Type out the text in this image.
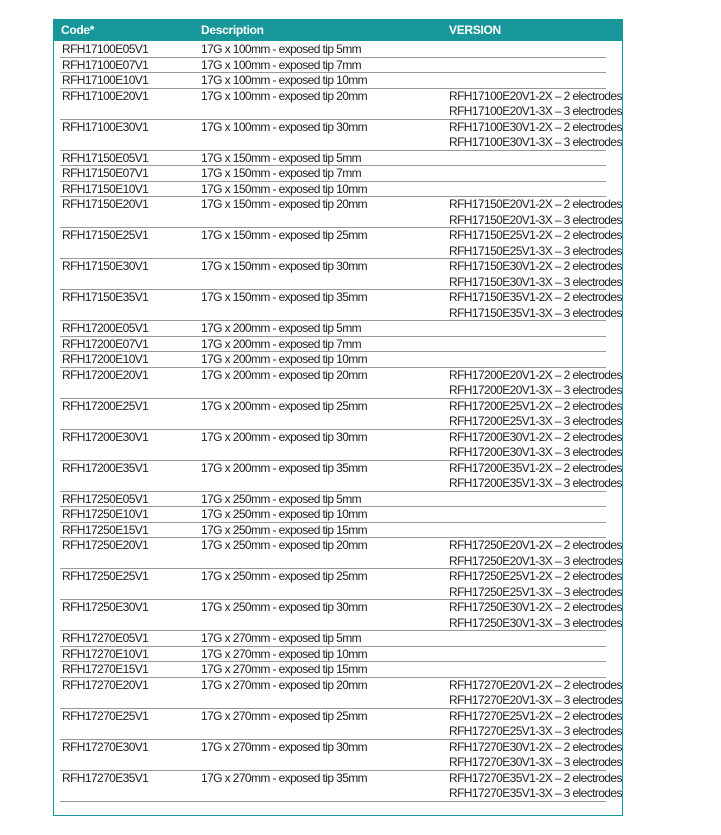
Code*	Description	VERSION
RFH17100E05V1	17G x 100mm - exposed tip 5mm
RFH17100E07V1	17G x 100mm - exposed tip 7mm
RFH17100E10V1	17G x 100mm - exposed tip 10mm
RFH17100E20V1	17G x 100mm - exposed tip 20mm	RFH17100E20V1-2X – 2 electrodes
RFH17100E20V1-3X – 3 electrodes
RFH17100E30V1	17G x 100mm - exposed tip 30mm	RFH17100E30V1-2X – 2 electrodes
RFH17100E30V1-3X – 3 electrodes
RFH17150E05V1	17G x 150mm - exposed tip 5mm
RFH17150E07V1	17G x 150mm - exposed tip 7mm
RFH17150E10V1	17G x 150mm - exposed tip 10mm
RFH17150E20V1	17G x 150mm - exposed tip 20mm	RFH17150E20V1-2X – 2 electrodes
RFH17150E20V1-3X – 3 electrodes
RFH17150E25V1	17G x 150mm - exposed tip 25mm	RFH17150E25V1-2X – 2 electrodes
RFH17150E25V1-3X – 3 electrodes
RFH17150E30V1	17G x 150mm - exposed tip 30mm	RFH17150E30V1-2X – 2 electrodes
RFH17150E30V1-3X – 3 electrodes
RFH17150E35V1	17G x 150mm - exposed tip 35mm	RFH17150E35V1-2X – 2 electrodes
RFH17150E35V1-3X – 3 electrodes
RFH17200E05V1	17G x 200mm - exposed tip 5mm
RFH17200E07V1	17G x 200mm - exposed tip 7mm
RFH17200E10V1	17G x 200mm - exposed tip 10mm
RFH17200E20V1	17G x 200mm - exposed tip 20mm	RFH17200E20V1-2X – 2 electrodes
RFH17200E20V1-3X – 3 electrodes
RFH17200E25V1	17G x 200mm - exposed tip 25mm	RFH17200E25V1-2X – 2 electrodes
RFH17200E25V1-3X – 3 electrodes
RFH17200E30V1	17G x 200mm - exposed tip 30mm	RFH17200E30V1-2X – 2 electrodes
RFH17200E30V1-3X – 3 electrodes
RFH17200E35V1	17G x 200mm - exposed tip 35mm	RFH17200E35V1-2X – 2 electrodes
RFH17200E35V1-3X – 3 electrodes
RFH17250E05V1	17G x 250mm - exposed tip 5mm
RFH17250E10V1	17G x 250mm - exposed tip 10mm
RFH17250E15V1	17G x 250mm - exposed tip 15mm
RFH17250E20V1	17G x 250mm - exposed tip 20mm	RFH17250E20V1-2X – 2 electrodes
RFH17250E20V1-3X – 3 electrodes
RFH17250E25V1	17G x 250mm - exposed tip 25mm	RFH17250E25V1-2X – 2 electrodes
RFH17250E25V1-3X – 3 electrodes
RFH17250E30V1	17G x 250mm - exposed tip 30mm	RFH17250E30V1-2X – 2 electrodes
RFH17250E30V1-3X – 3 electrodes
RFH17270E05V1	17G x 270mm - exposed tip 5mm
RFH17270E10V1	17G x 270mm - exposed tip 10mm
RFH17270E15V1	17G x 270mm - exposed tip 15mm
RFH17270E20V1	17G x 270mm - exposed tip 20mm	RFH17270E20V1-2X – 2 electrodes
RFH17270E20V1-3X – 3 electrodes
RFH17270E25V1	17G x 270mm - exposed tip 25mm	RFH17270E25V1-2X – 2 electrodes
RFH17270E25V1-3X – 3 electrodes
RFH17270E30V1	17G x 270mm - exposed tip 30mm	RFH17270E30V1-2X – 2 electrodes
RFH17270E30V1-3X – 3 electrodes
RFH17270E35V1	17G x 270mm - exposed tip 35mm	RFH17270E35V1-2X – 2 electrodes
RFH17270E35V1-3X – 3 electrodes
